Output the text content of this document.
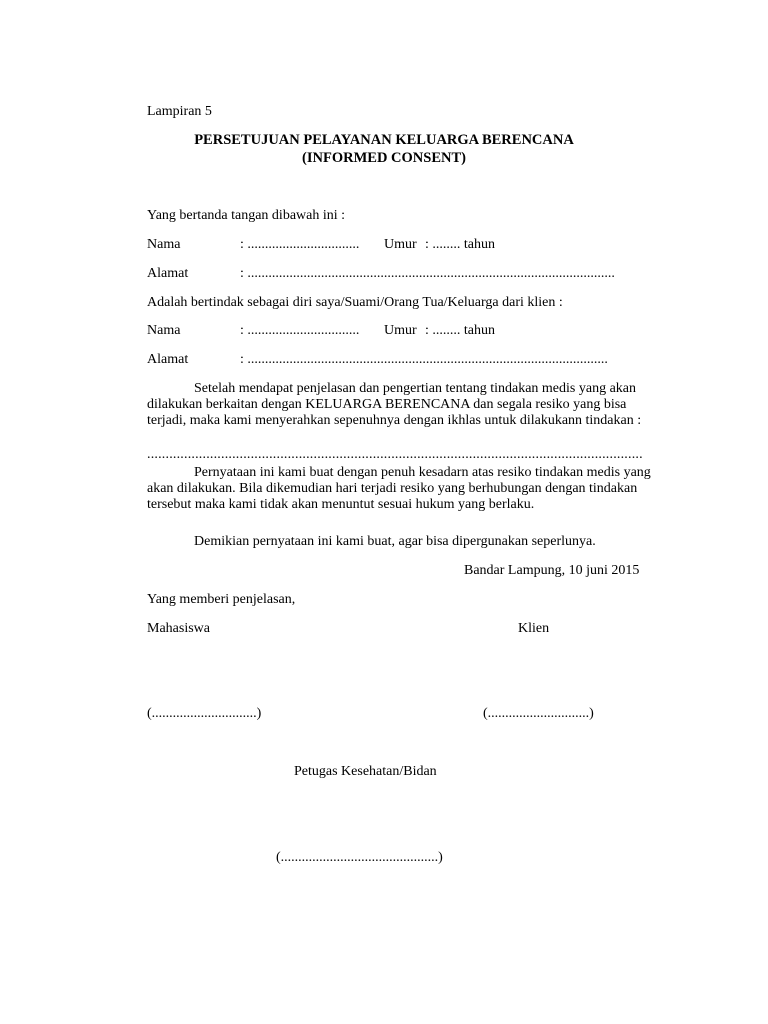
Lampiran 5
PERSETUJUAN PELAYANAN KELUARGA BERENCANA
(INFORMED CONSENT)
Yang bertanda tangan dibawah ini :
Nama	: ................................ Umur : ........ tahun
Alamat	: .........................................................................................................
Adalah bertindak sebagai diri saya/Suami/Orang Tua/Keluarga dari klien :
Nama	: ................................ Umur : ........ tahun
Alamat	: .......................................................................................................
Setelah mendapat penjelasan dan pengertian tentang tindakan medis yang akan dilakukan berkaitan dengan KELUARGA BERENCANA dan segala resiko yang bisa terjadi, maka kami menyerahkan sepenuhnya dengan ikhlas untuk dilakukann tindakan :
......................................................................................................................................
Pernyataan ini kami buat dengan penuh kesadarn atas resiko tindakan medis yang akan dilakukan. Bila dikemudian hari terjadi resiko yang berhubungan dengan tindakan tersebut maka kami tidak akan menuntut sesuai hukum yang berlaku.
Demikian pernyataan ini kami buat, agar bisa dipergunakan seperlunya.
Bandar Lampung, 10 juni 2015
Yang memberi penjelasan,
Mahasiswa	Klien
(..............................)	(.............................)
Petugas Kesehatan/Bidan
(.............................................)
